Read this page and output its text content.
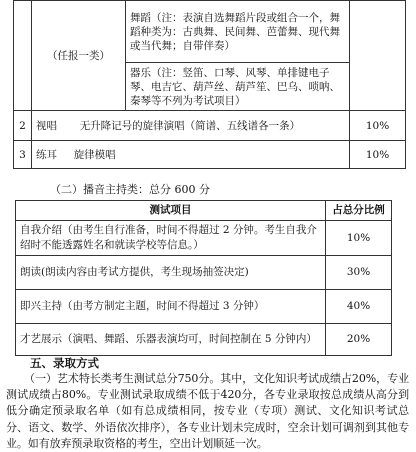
	（任报一类）	舞蹈（注：表演自选舞蹈片段或组合一个，舞蹈种类为：古典舞、民间舞、芭蕾舞、现代舞或当代舞；自带伴奏）	
		器乐（注：竖笛、口琴、风琴、单排键电子琴、电吉它、葫芦丝、葫芦笙、巴乌、唢呐、秦琴等不列为考试项目）	
2	视唱 无升降记号的旋律演唱（简谱、五线谱各一条）		10%
3	练耳 旋律模唱		10%
（二）播音主持类：总分 600 分
测试项目	占总分比例
自我介绍（由考生自行准备，时间不得超过 2 分钟。考生自我介绍时不能透露姓名和就读学校等信息。）	10%
朗读(朗读内容由考试方提供，考生现场抽签决定)	30%
即兴主持（由考方制定主题，时间不得超过 3 分钟）	40%
才艺展示（演唱、舞蹈、乐器表演均可，时间控制在 5 分钟内）	20%
五、录取方式
（一）艺术特长类考生测试总分750分。其中，文化知识考试成绩占20%，专业测试成绩占80%。专业测试录取成绩不低于420分，各专业录取按总成绩从高分到低分确定预录取名单（如有总成绩相同，按专业（专项）测试、文化知识考试总分、语文、数学、外语依次排序），各专业计划未完成时，空余计划可调剂到其他专业。如有放弃预录取资格的考生，空出计划顺延一次。
